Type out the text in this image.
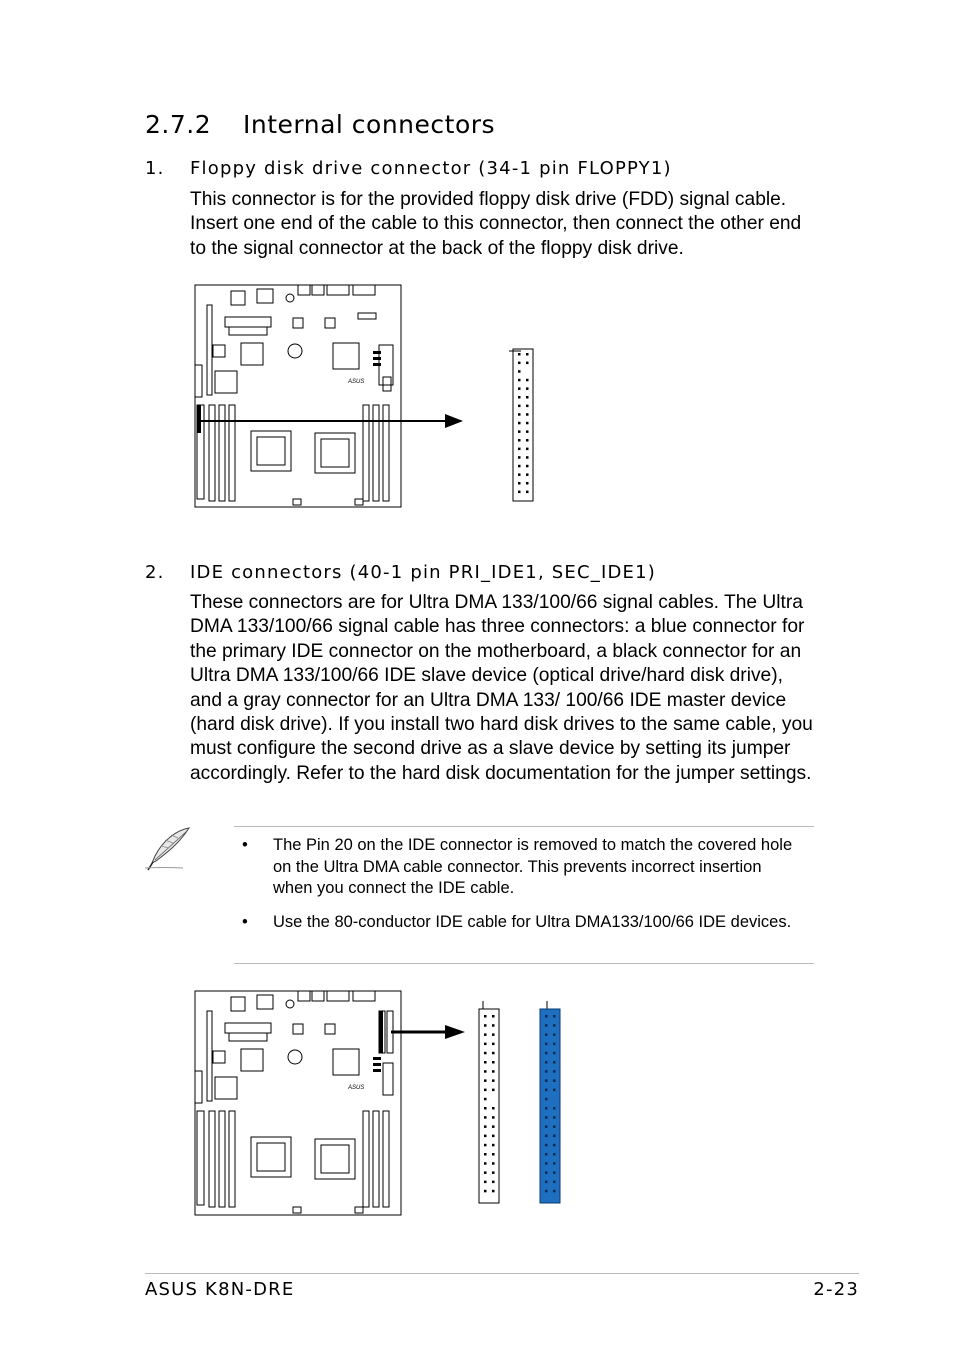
2.7.2 Internal connectors
1. Floppy disk drive connector (34-1 pin FLOPPY1)
This connector is for the provided floppy disk drive (FDD) signal cable. Insert one end of the cable to this connector, then connect the other end to the signal connector at the back of the floppy disk drive.
ASUS
2. IDE connectors (40-1 pin PRI_IDE1, SEC_IDE1)
These connectors are for Ultra DMA 133/100/66 signal cables. The Ultra DMA 133/100/66 signal cable has three connectors: a blue connector for the primary IDE connector on the motherboard, a black connector for an Ultra DMA 133/100/66 IDE slave device (optical drive/hard disk drive), and a gray connector for an Ultra DMA 133/ 100/66 IDE master device (hard disk drive). If you install two hard disk drives to the same cable, you must configure the second drive as a slave device by setting its jumper accordingly. Refer to the hard disk documentation for the jumper settings.
• The Pin 20 on the IDE connector is removed to match the covered hole on the Ultra DMA cable connector. This prevents incorrect insertion when you connect the IDE cable.
• Use the 80-conductor IDE cable for Ultra DMA133/100/66 IDE devices.
ASUS
ASUS K8N-DRE	2-23
